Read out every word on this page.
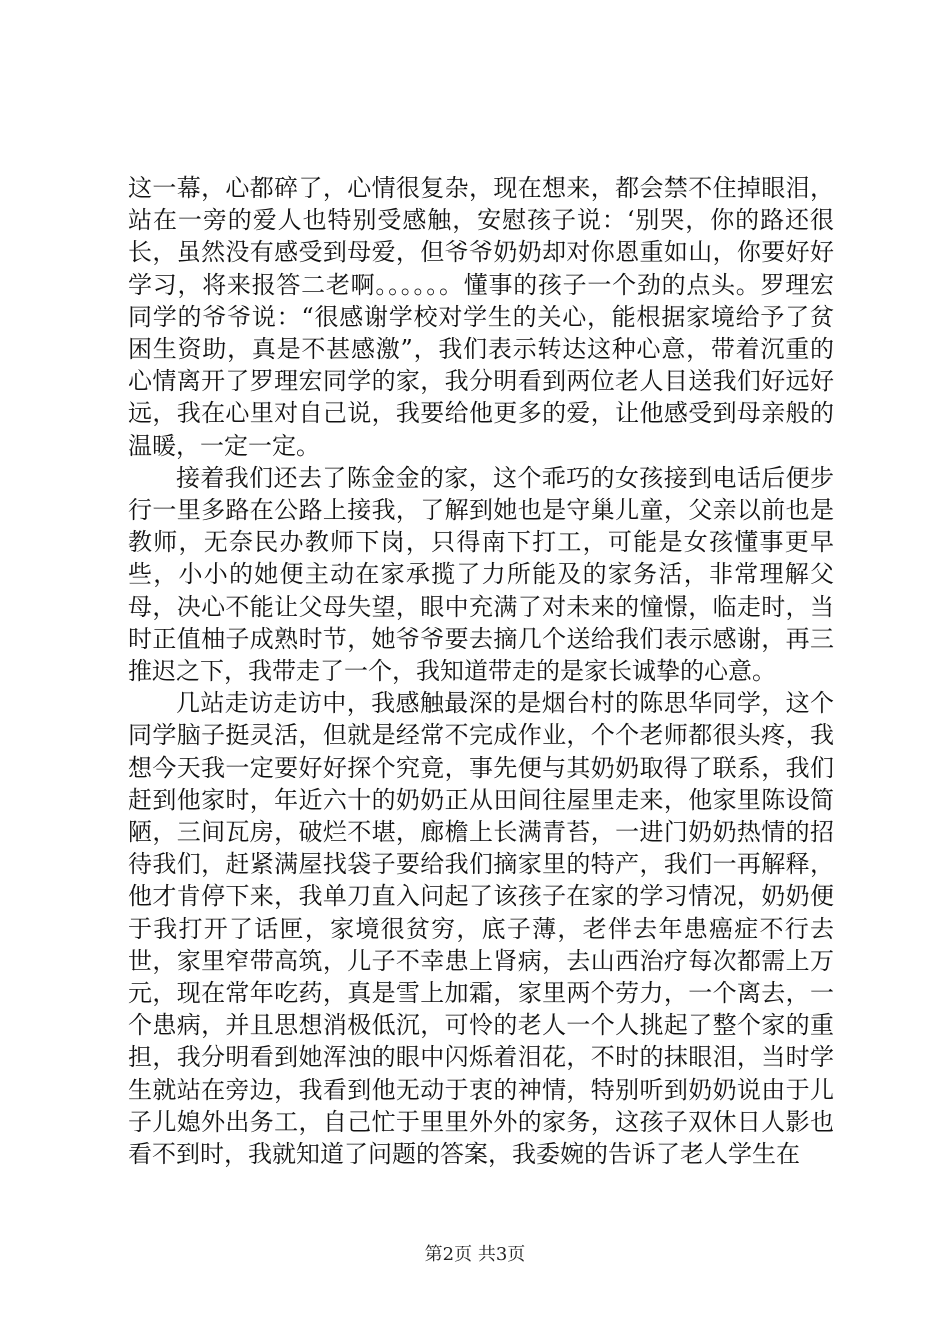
这一幕，心都碎了，心情很复杂，现在想来，都会禁不住掉眼泪，站在一旁的爱人也特别受感触，安慰孩子说：‘别哭，你的路还很长，虽然没有感受到母爱，但爷爷奶奶却对你恩重如山，你要好好学习，将来报答二老啊。。。。。。懂事的孩子一个劲的点头。罗理宏同学的爷爷说：“很感谢学校对学生的关心，能根据家境给予了贫困生资助，真是不甚感激”，我们表示转达这种心意，带着沉重的心情离开了罗理宏同学的家，我分明看到两位老人目送我们好远好远，我在心里对自己说，我要给他更多的爱，让他感受到母亲般的温暖，一定一定。

接着我们还去了陈金金的家，这个乖巧的女孩接到电话后便步行一里多路在公路上接我，了解到她也是守巢儿童，父亲以前也是教师，无奈民办教师下岗，只得南下打工，可能是女孩懂事更早些，小小的她便主动在家承揽了力所能及的家务活，非常理解父母，决心不能让父母失望，眼中充满了对未来的憧憬，临走时，当时正值柚子成熟时节，她爷爷要去摘几个送给我们表示感谢，再三推迟之下，我带走了一个，我知道带走的是家长诚挚的心意。

几站走访走访中，我感触最深的是烟台村的陈思华同学，这个同学脑子挺灵活，但就是经常不完成作业，个个老师都很头疼，我想今天我一定要好好探个究竟，事先便与其奶奶取得了联系，我们赶到他家时，年近六十的奶奶正从田间往屋里走来，他家里陈设简陋，三间瓦房，破烂不堪，廊檐上长满青苔，一进门奶奶热情的招待我们，赶紧满屋找袋子要给我们摘家里的特产，我们一再解释，他才肯停下来，我单刀直入问起了该孩子在家的学习情况，奶奶便于我打开了话匣，家境很贫穷，底子薄，老伴去年患癌症不行去世，家里窄带高筑，儿子不幸患上肾病，去山西治疗每次都需上万元，现在常年吃药，真是雪上加霜，家里两个劳力，一个离去，一个患病，并且思想消极低沉，可怜的老人一个人挑起了整个家的重担，我分明看到她浑浊的眼中闪烁着泪花，不时的抹眼泪，当时学生就站在旁边，我看到他无动于衷的神情，特别听到奶奶说由于儿子儿媳外出务工，自己忙于里里外外的家务，这孩子双休日人影也看不到时，我就知道了问题的答案，我委婉的告诉了老人学生在

第2页 共3页
